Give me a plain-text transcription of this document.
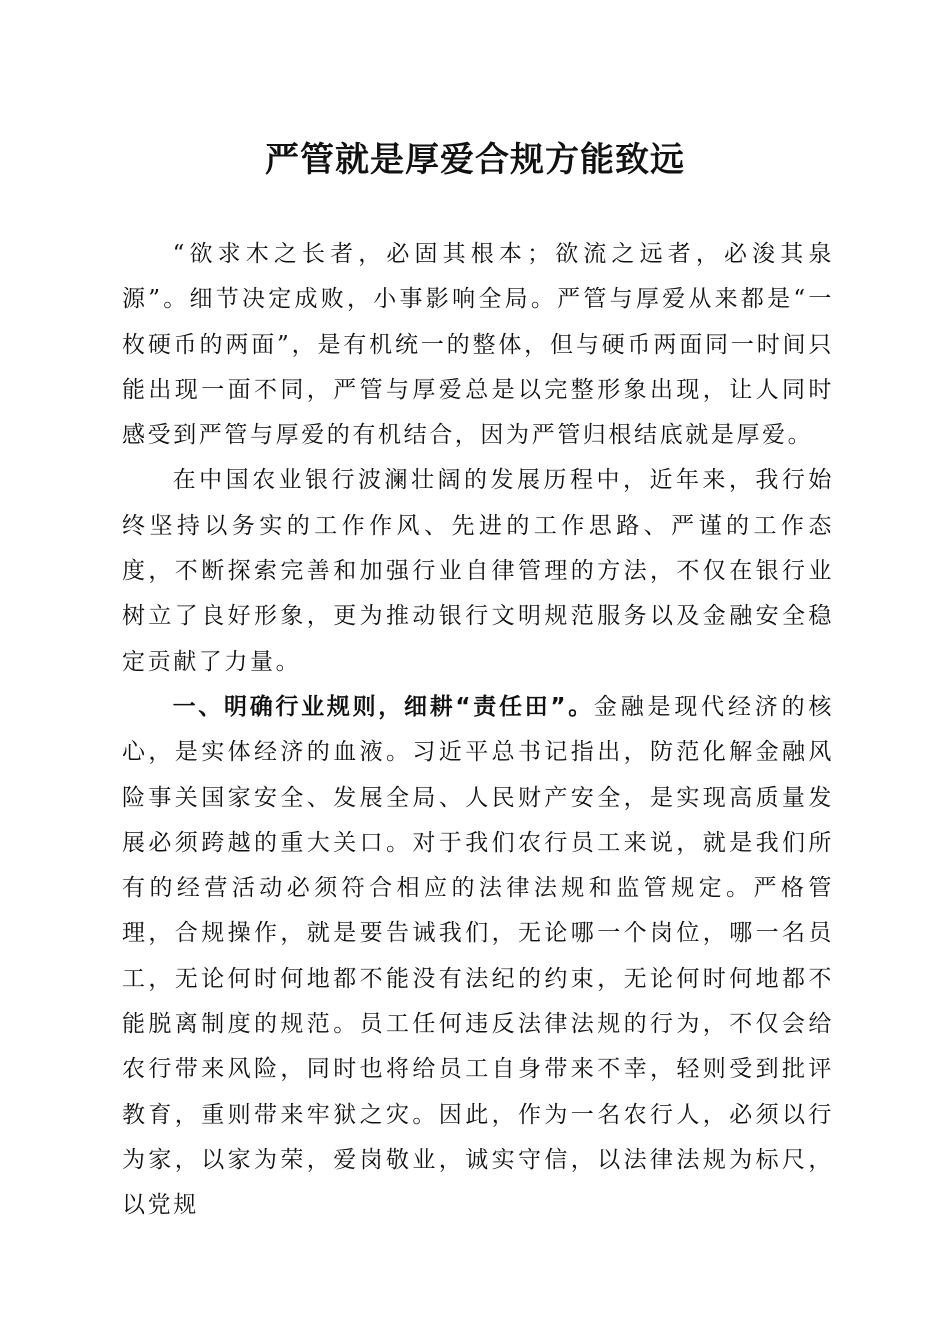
严管就是厚爱合规方能致远

“欲求木之长者，必固其根本；欲流之远者，必浚其泉源”。细节决定成败，小事影响全局。严管与厚爱从来都是“一枚硬币的两面”，是有机统一的整体，但与硬币两面同一时间只能出现一面不同，严管与厚爱总是以完整形象出现，让人同时感受到严管与厚爱的有机结合，因为严管归根结底就是厚爱。

在中国农业银行波澜壮阔的发展历程中，近年来，我行始终坚持以务实的工作作风、先进的工作思路、严谨的工作态度，不断探索完善和加强行业自律管理的方法，不仅在银行业树立了良好形象，更为推动银行文明规范服务以及金融安全稳定贡献了力量。

一、明确行业规则，细耕“责任田”。金融是现代经济的核心，是实体经济的血液。习近平总书记指出，防范化解金融风险事关国家安全、发展全局、人民财产安全，是实现高质量发展必须跨越的重大关口。对于我们农行员工来说，就是我们所有的经营活动必须符合相应的法律法规和监管规定。严格管理，合规操作，就是要告诫我们，无论哪一个岗位，哪一名员工，无论何时何地都不能没有法纪的约束，无论何时何地都不能脱离制度的规范。员工任何违反法律法规的行为，不仅会给农行带来风险，同时也将给员工自身带来不幸，轻则受到批评教育，重则带来牢狱之灾。因此，作为一名农行人，必须以行为家，以家为荣，爱岗敬业，诚实守信，以法律法规为标尺，以党规
